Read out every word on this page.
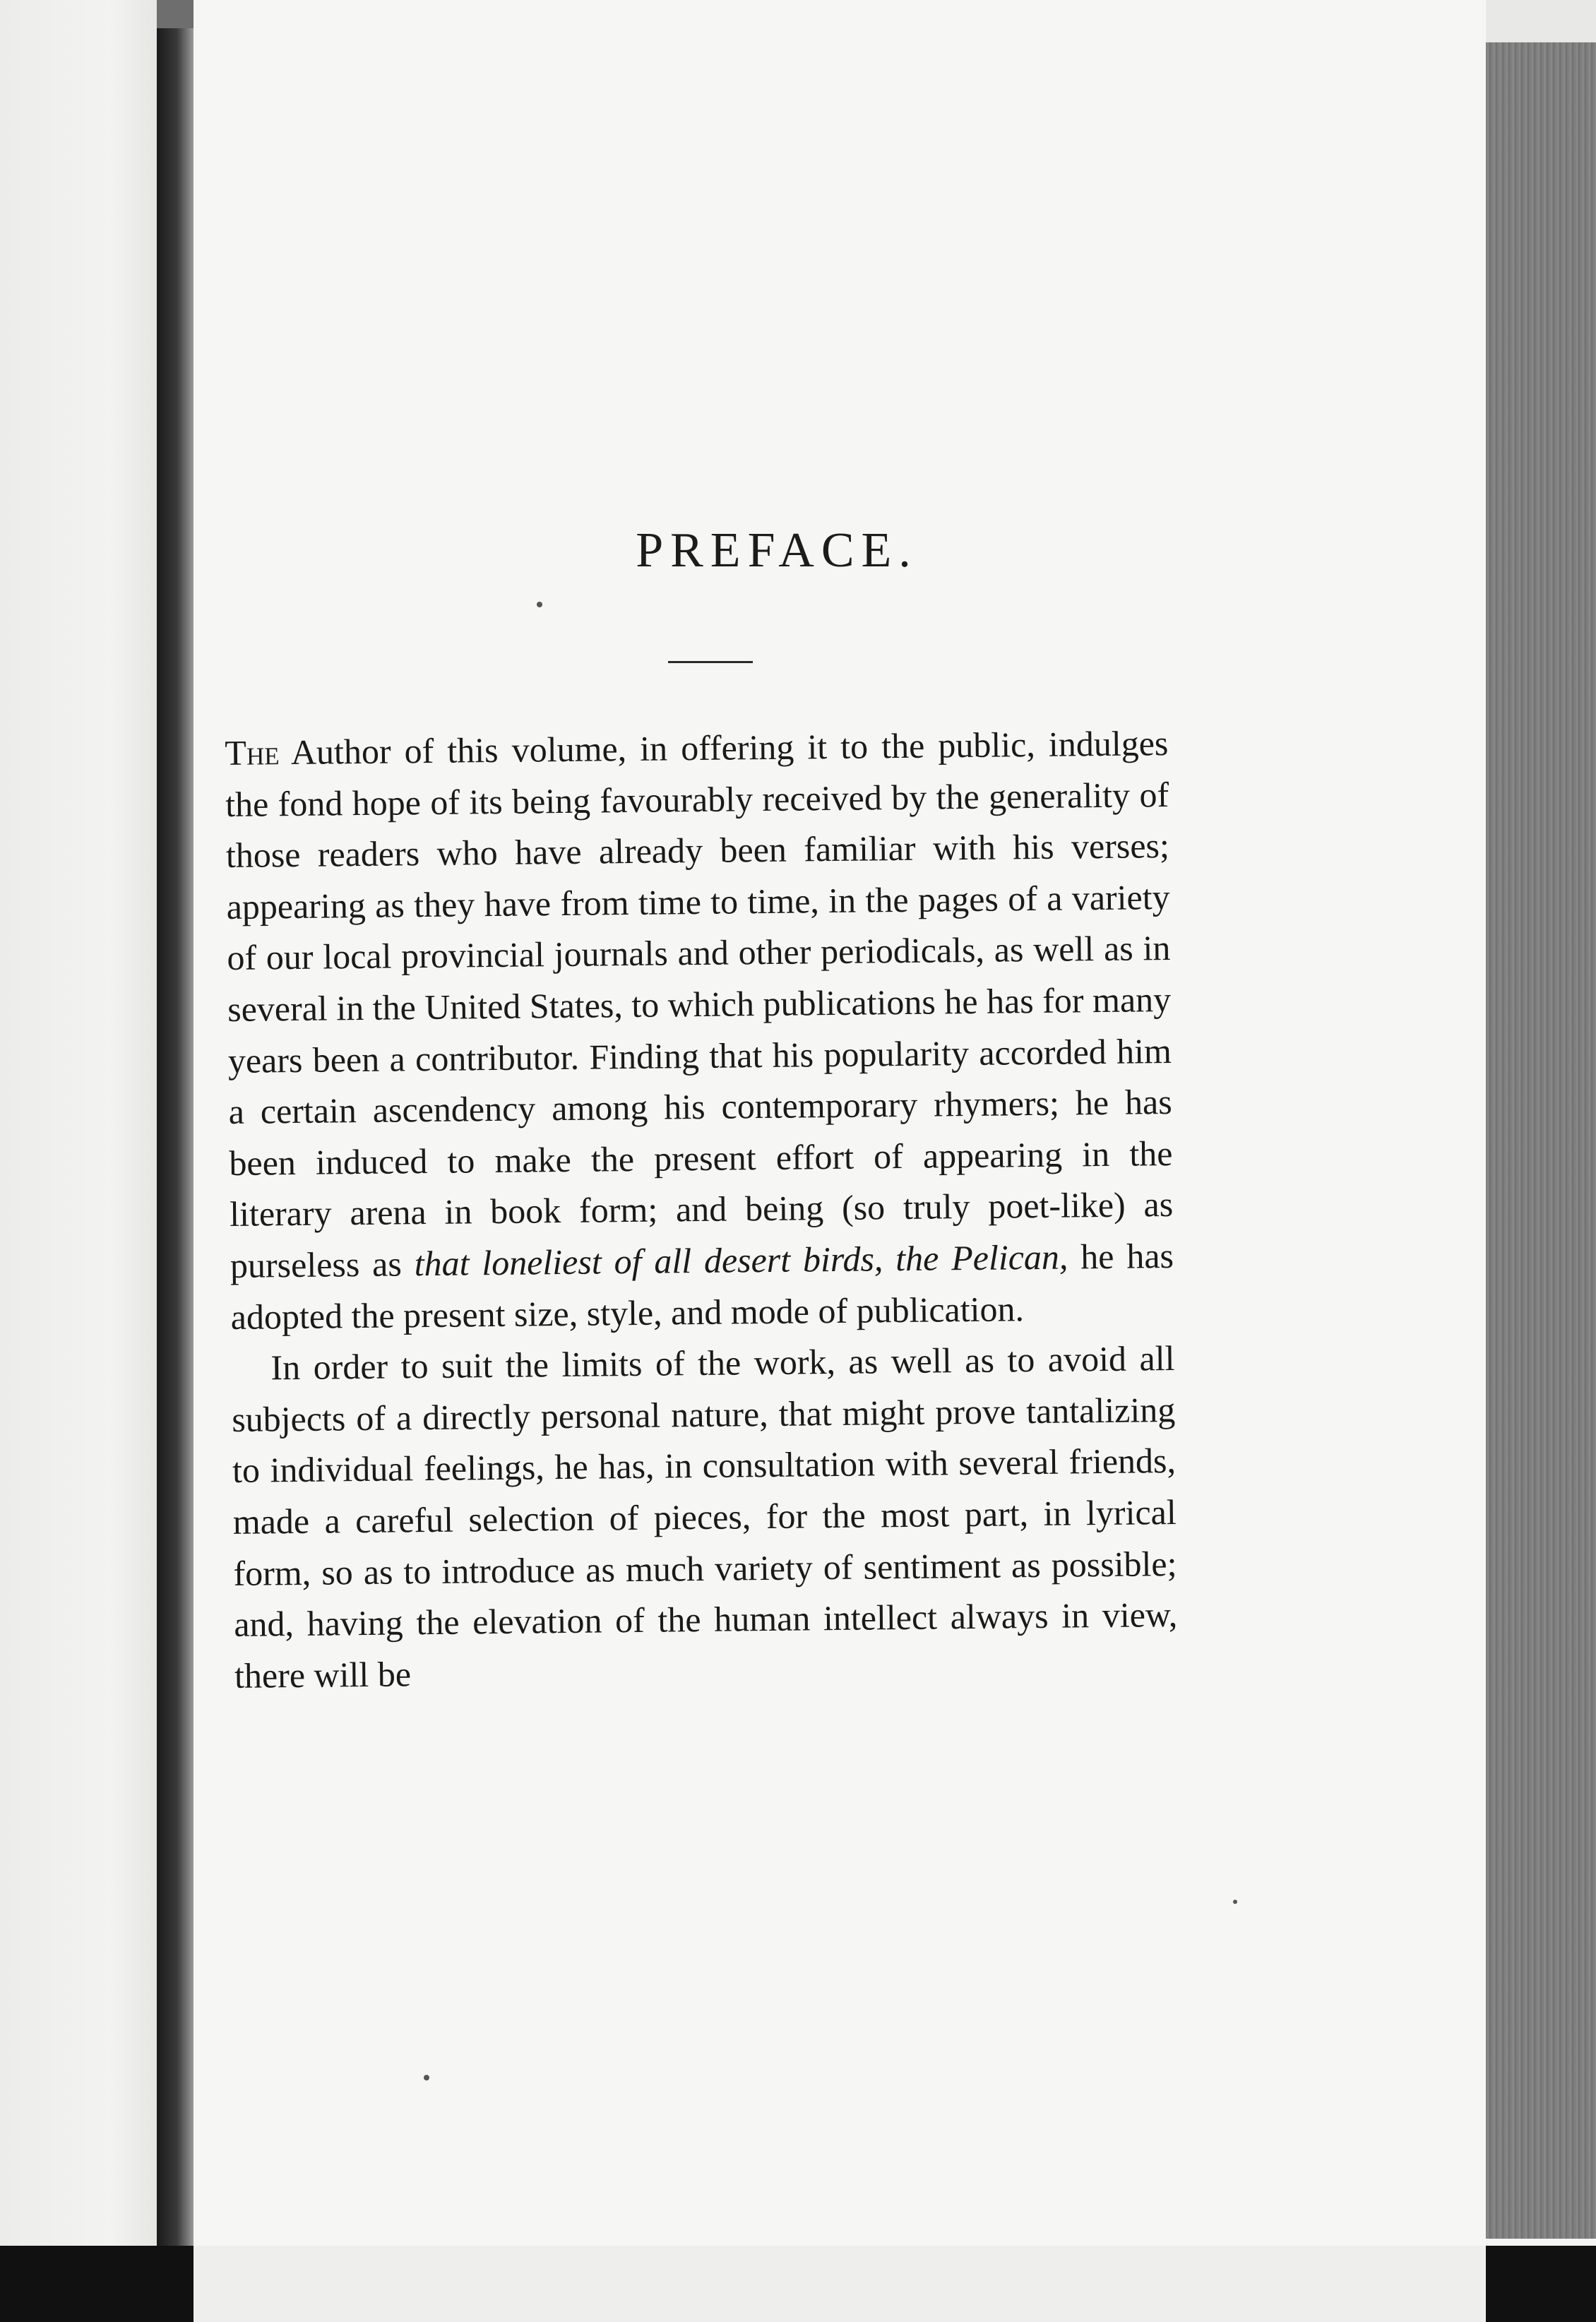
PREFACE.

The Author of this volume, in offering it to the public, indulges the fond hope of its being favourably received by the generality of those readers who have already been familiar with his verses; appearing as they have from time to time, in the pages of a variety of our local provincial journals and other periodicals, as well as in several in the United States, to which publications he has for many years been a contributor. Finding that his popularity accorded him a certain ascendency among his contemporary rhymers; he has been induced to make the present effort of appearing in the literary arena in book form; and being (so truly poet-like) as purseless as that loneliest of all desert birds, the Pelican, he has adopted the present size, style, and mode of publication.

In order to suit the limits of the work, as well as to avoid all subjects of a directly personal nature, that might prove tantalizing to individual feelings, he has, in consultation with several friends, made a careful selection of pieces, for the most part, in lyrical form, so as to introduce as much variety of sentiment as possible; and, having the elevation of the human intellect always in view, there will be
